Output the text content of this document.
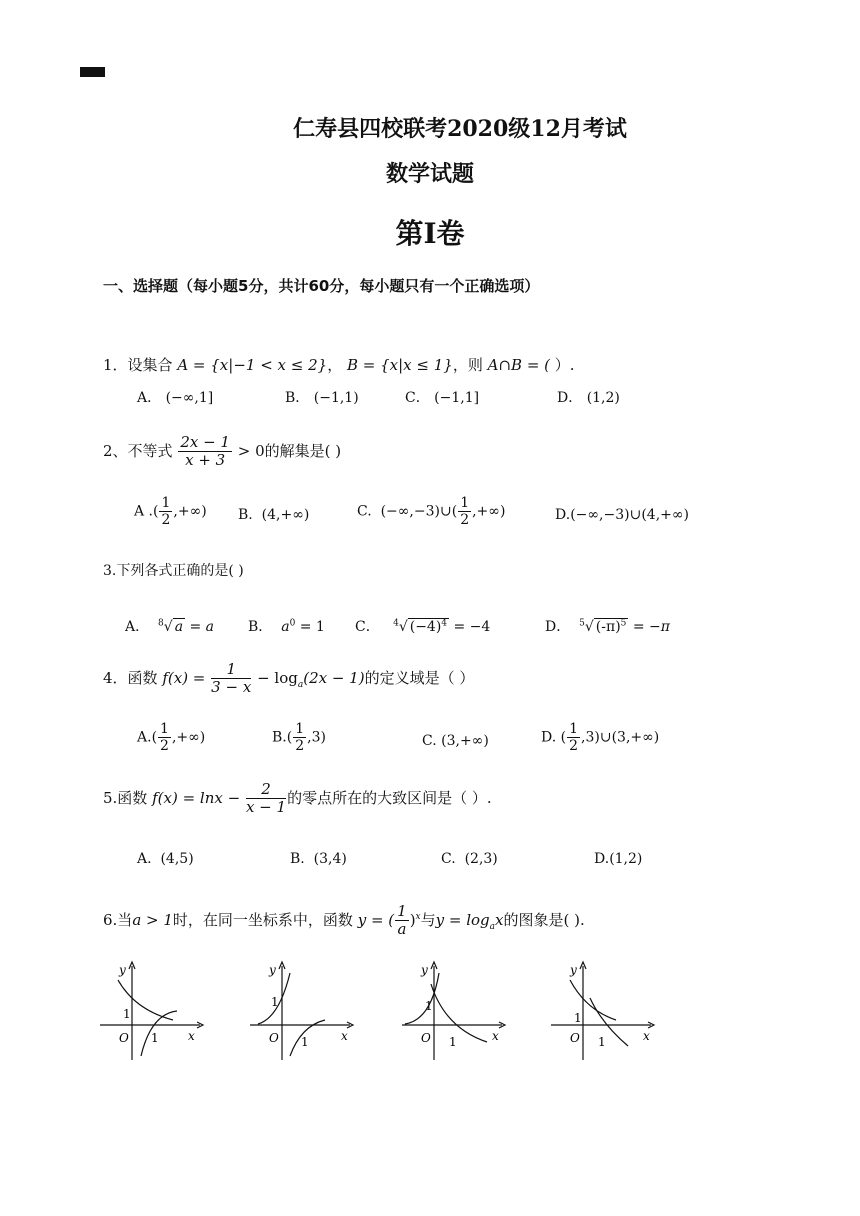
仁寿县四校联考2020级12月考试
数学试题
第Ⅰ卷
一、选择题（每小题5分，共计60分，每小题只有一个正确选项）
1．设集合 A = {x|−1 < x ≤ 2}， B = {x|x ≤ 1}，则 A∩B = ( ）.
A． (−∞,1]	B． (−1,1)	C． (−1,1]	D． (1,2)
2、不等式 $\frac{2x - 1}{x + 3} > 0$的解集是( )
A .( $\frac{1}{2}$ ,+∞) B. (4,+∞)	C. (−∞,−3)∪( $\frac{1}{2}$ ,+∞)	D.(−∞,−3)∪(4,+∞)
3.下列各式正确的是( )
A． $^8$√ a = a B． $a^0 = 1$ C． $^4$√ $(-4)^4 = -4$	D． $^5$√ $(-\pi)^5 = -\pi$
4．函数 $f(x) = \frac{1}{3 - x} - \log_a(2x - 1)$的定义域是（ ）
$A.( \frac{1}{2}$ ,+∞)	$B.( \frac{1}{2} ,3)$	C. (3,+∞)	D. ( $\frac{1}{2}$ ,3)∪(3,+∞)
5.函数 $f(x) = \ln x - \frac{2}{x - 1}$ 的零点所在的大致区间是（ ）.
A. (4,5)	B. (3,4)	C. (2,3)	D.(1,2)
6.当a > 1时，在同一坐标系中，函数 y = ( $\frac{1}{a} )^x$与$y = \log_ax$的图象是( ).
y
x
O
1
1
y
x
O
1
1
y
x
O
1
1
y
x
O
1
1
